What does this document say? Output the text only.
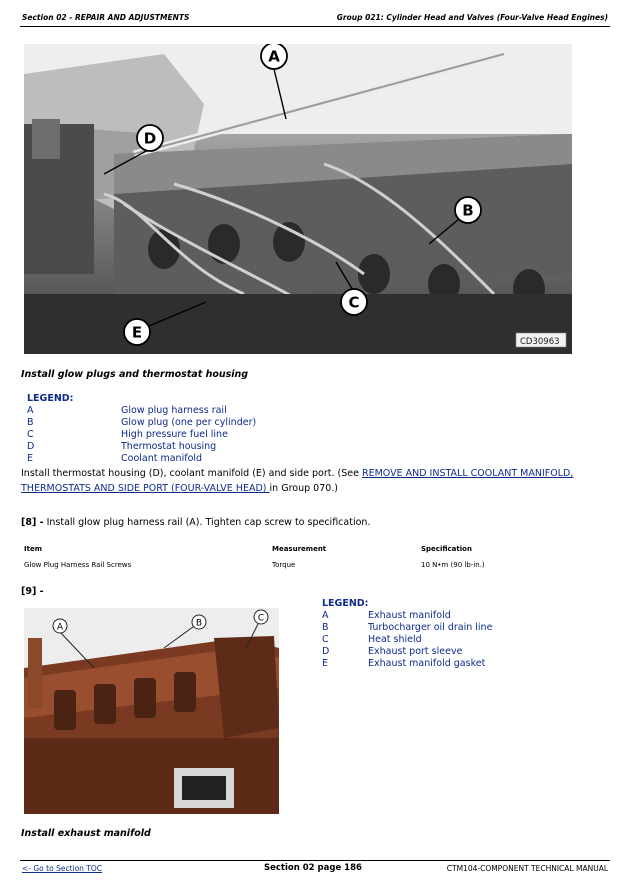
Section 02 - REPAIR AND ADJUSTMENTS	Group 021: Cylinder Head and Valves (Four-Valve Head Engines)
CD30963
A
D
B
C
E
Install glow plugs and thermostat housing
LEGEND:
A	Glow plug harness rail
B	Glow plug (one per cylinder)
C	High pressure fuel line
D	Thermostat housing
E	Coolant manifold
Install thermostat housing (D), coolant manifold (E) and side port. (See REMOVE AND INSTALL COOLANT MANIFOLD,
THERMOSTATS AND SIDE PORT (FOUR-VALVE HEAD) in Group 070.)
[8] - Install glow plug harness rail (A). Tighten cap screw to specification.
Item	Measurement	Specification
Glow Plug Harness Rail Screws	Torque	10 N•m (90 lb-in.)
[9] -
A	B	C
LEGEND:
A	Exhaust manifold
B	Turbocharger oil drain line
C	Heat shield
D	Exhaust port sleeve
E	Exhaust manifold gasket
Install exhaust manifold
<- Go to Section TOC	Section 02 page 186	CTM104-COMPONENT TECHNICAL MANUAL
